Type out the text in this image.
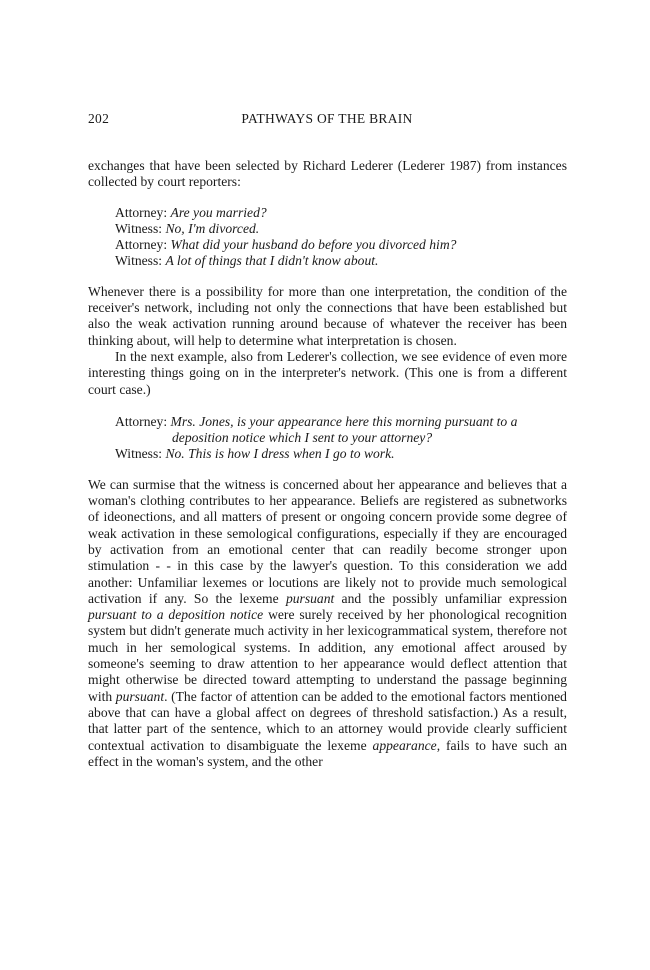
202	PATHWAYS OF THE BRAIN

exchanges that have been selected by Richard Lederer (Lederer 1987) from instances collected by court reporters:

Attorney: Are you married?
Witness: No, I'm divorced.
Attorney: What did your husband do before you divorced him?
Witness: A lot of things that I didn't know about.

Whenever there is a possibility for more than one interpretation, the condition of the receiver's network, including not only the connections that have been established but also the weak activation running around because of whatever the receiver has been thinking about, will help to determine what interpretation is chosen.

In the next example, also from Lederer's collection, we see evidence of even more interesting things going on in the interpreter's network. (This one is from a different court case.)

Attorney: Mrs. Jones, is your appearance here this morning pursuant to a
deposition notice which I sent to your attorney?
Witness: No. This is how I dress when I go to work.

We can surmise that the witness is concerned about her appearance and believes that a woman's clothing contributes to her appearance. Beliefs are registered as subnetworks of ideonections, and all matters of present or ongoing concern provide some degree of weak activation in these semological configurations, especially if they are encouraged by activation from an emotional center that can readily become stronger upon stimulation - - in this case by the lawyer's question. To this consideration we add another: Unfamiliar lexemes or locutions are likely not to provide much semological activation if any. So the lexeme pursuant and the possibly unfamiliar expression pursuant to a deposition notice were surely received by her phonological recognition system but didn't generate much activity in her lexicogrammatical system, therefore not much in her semological systems. In addition, any emotional affect aroused by someone's seeming to draw attention to her appearance would deflect attention that might otherwise be directed toward attempting to understand the passage beginning with pursuant. (The factor of attention can be added to the emotional factors mentioned above that can have a global affect on degrees of threshold satisfaction.) As a result, that latter part of the sentence, which to an attorney would provide clearly sufficient contextual activation to disambiguate the lexeme appearance, fails to have such an effect in the woman's system, and the other
